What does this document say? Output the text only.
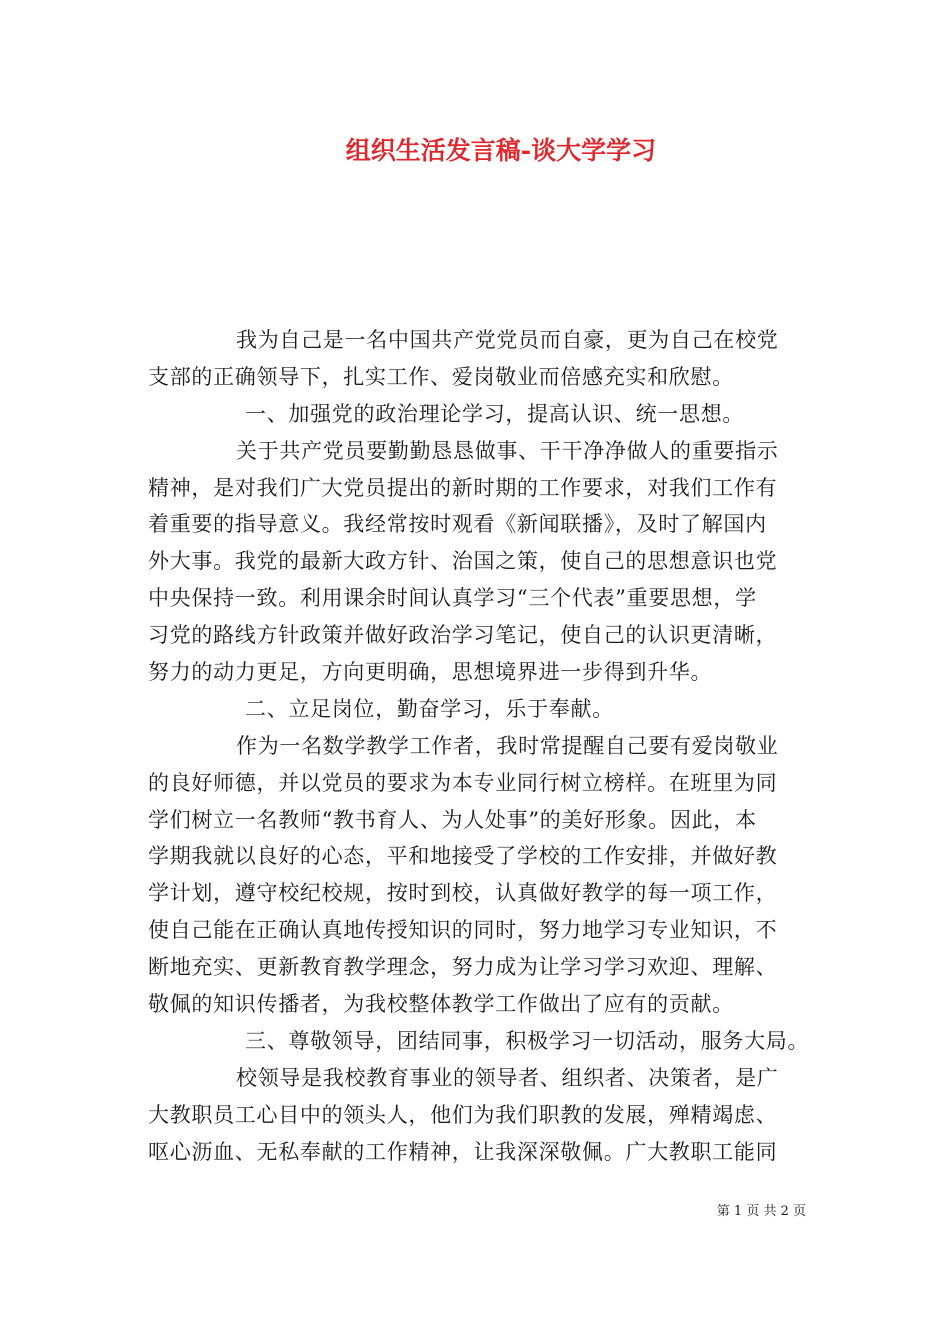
组织生活发言稿-谈大学学习
我为自己是一名中国共产党党员而自豪，更为自己在校党
支部的正确领导下，扎实工作、爱岗敬业而倍感充实和欣慰。
一、加强党的政治理论学习，提高认识、统一思想。
关于共产党员要勤勤恳恳做事、干干净净做人的重要指示
精神，是对我们广大党员提出的新时期的工作要求，对我们工作有
着重要的指导意义。我经常按时观看《新闻联播》，及时了解国内
外大事。我党的最新大政方针、治国之策，使自己的思想意识也党
中央保持一致。利用课余时间认真学习“三个代表”重要思想，学
习党的路线方针政策并做好政治学习笔记，使自己的认识更清晰，
努力的动力更足，方向更明确，思想境界进一步得到升华。
二、立足岗位，勤奋学习，乐于奉献。
作为一名数学教学工作者，我时常提醒自己要有爱岗敬业
的良好师德，并以党员的要求为本专业同行树立榜样。在班里为同
学们树立一名教师“教书育人、为人处事”的美好形象。因此，本
学期我就以良好的心态，平和地接受了学校的工作安排，并做好教
学计划，遵守校纪校规，按时到校，认真做好教学的每一项工作，
使自己能在正确认真地传授知识的同时，努力地学习专业知识，不
断地充实、更新教育教学理念，努力成为让学习学习欢迎、理解、
敬佩的知识传播者，为我校整体教学工作做出了应有的贡献。
三、尊敬领导，团结同事，积极学习一切活动，服务大局。
校领导是我校教育事业的领导者、组织者、决策者，是广
大教职员工心目中的领头人，他们为我们职教的发展，殚精竭虑、
呕心沥血、无私奉献的工作精神，让我深深敬佩。广大教职工能同
第 1 页 共 2 页
